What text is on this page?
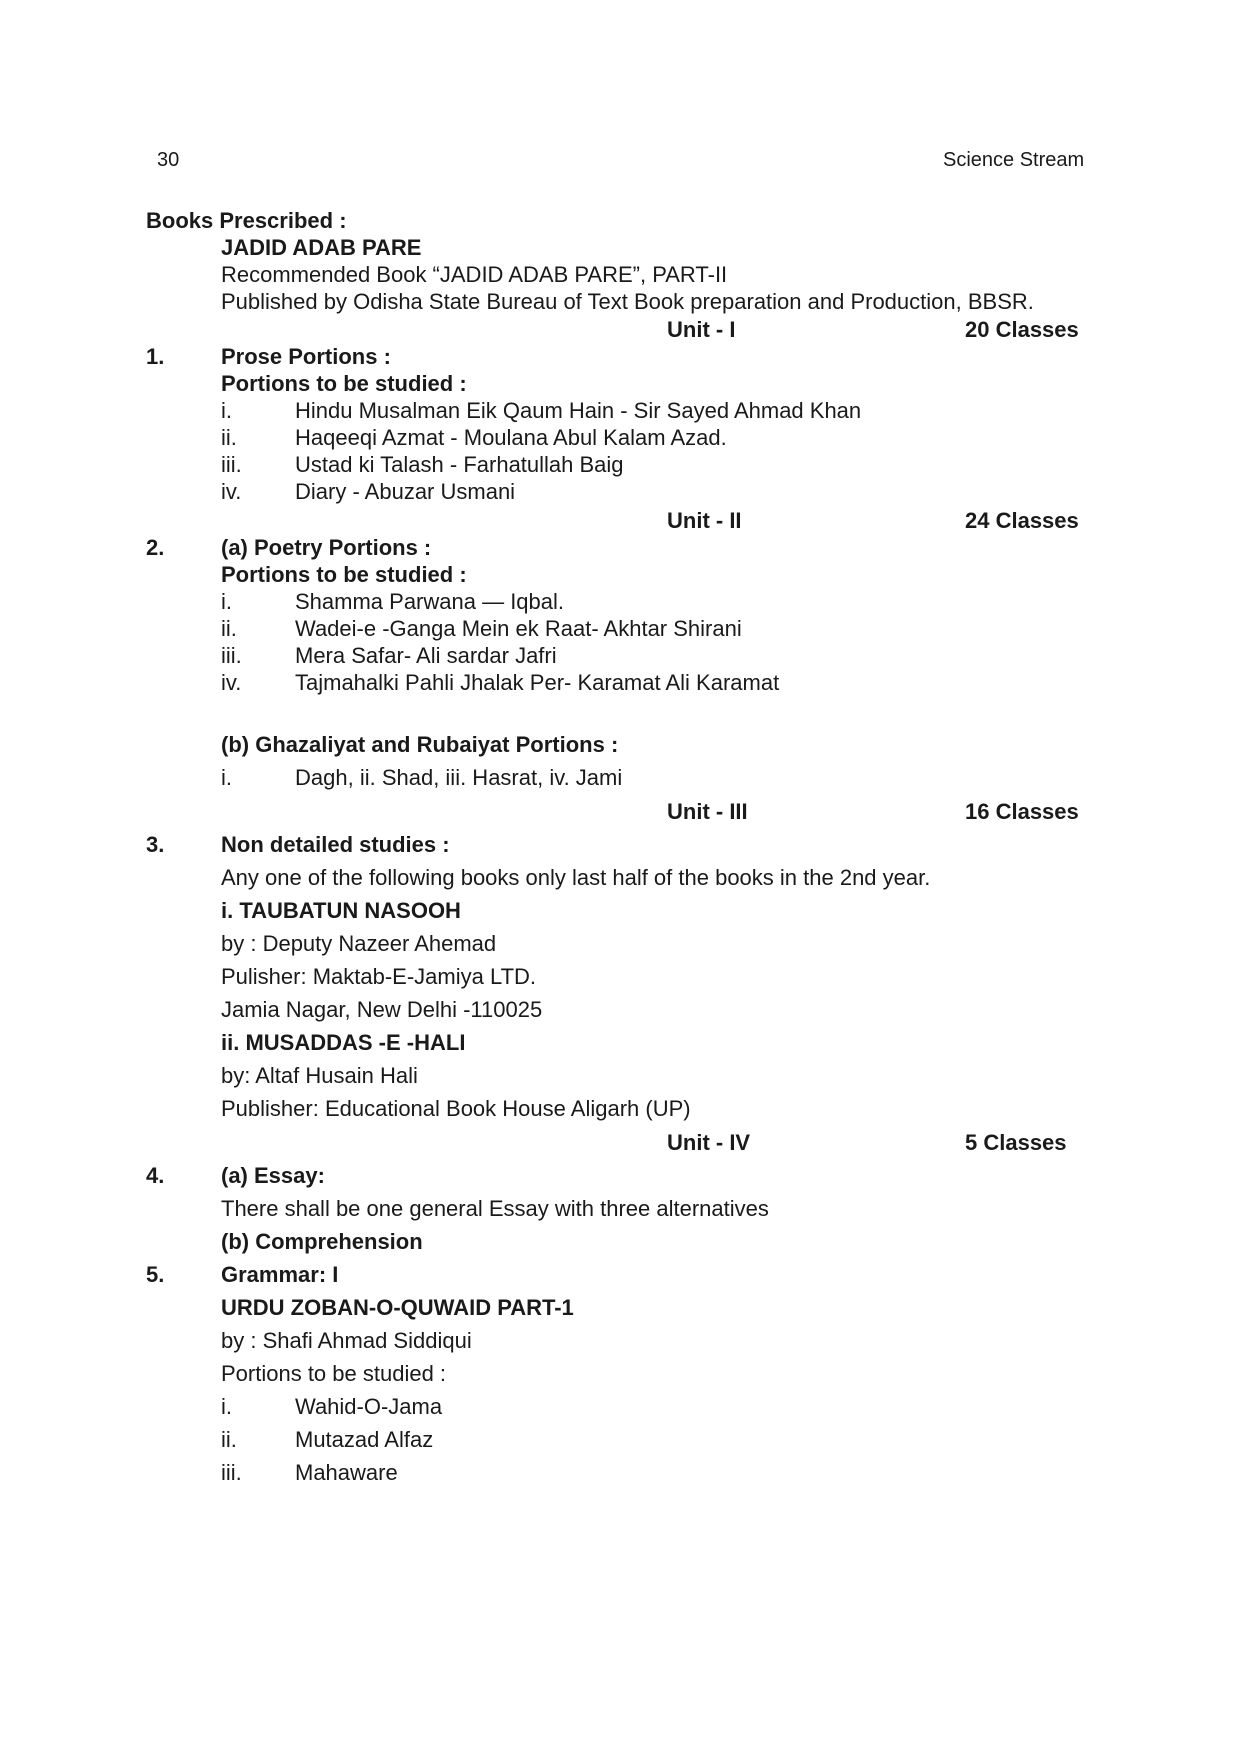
30	Science Stream
Books Prescribed :
JADID ADAB PARE
Recommended Book “JADID ADAB PARE”, PART-II
Published by Odisha State Bureau of Text Book preparation and Production, BBSR.
Unit - I	20 Classes
1.	Prose Portions :
Portions to be studied :
i.	Hindu Musalman Eik Qaum Hain - Sir Sayed Ahmad Khan
ii.	Haqeeqi Azmat - Moulana Abul Kalam Azad.
iii. Ustad ki Talash - Farhatullah Baig
iv. Diary - Abuzar Usmani
Unit - II	24 Classes
2.	(a) Poetry Portions :
Portions to be studied :
i.	Shamma Parwana — Iqbal.
ii.	Wadei-e -Ganga Mein ek Raat- Akhtar Shirani
iii. Mera Safar- Ali sardar Jafri
iv. Tajmahalki Pahli Jhalak Per- Karamat Ali Karamat
(b) Ghazaliyat and Rubaiyat Portions :
i.	Dagh, ii. Shad, iii. Hasrat, iv. Jami
Unit - III	16 Classes
3.	Non detailed studies :
Any one of the following books only last half of the books in the 2nd year.
i. TAUBATUN NASOOH
by : Deputy Nazeer Ahemad
Pulisher: Maktab-E-Jamiya LTD.
Jamia Nagar, New Delhi -110025
ii. MUSADDAS -E -HALI
by: Altaf Husain Hali
Publisher: Educational Book House Aligarh (UP)
Unit - IV	5 Classes
4.	(a) Essay:
There shall be one general Essay with three alternatives
(b) Comprehension
5.	Grammar: I
URDU ZOBAN-O-QUWAID PART-1
by : Shafi Ahmad Siddiqui
Portions to be studied :
i.	Wahid-O-Jama
ii.	Mutazad Alfaz
iii. Mahaware
